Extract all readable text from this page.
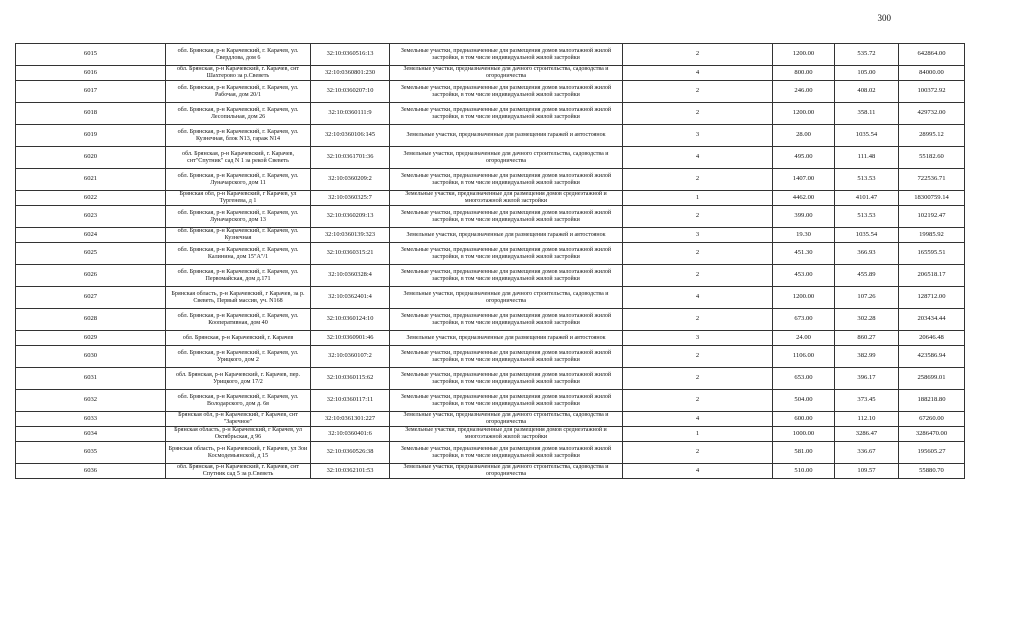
300
6015	обл. Брянская, р-н Карачевский, г. Карачев, ул. Свердлова, дом 6	32:10:0360516:13	Земельные участки, предназначенные для размещения домов малоэтажной жилой застройки, в том числе индивидуальной жилой застройки	2	1200.00	535.72	642864.00
6016	обл. Брянская, р-н Карачевский, г. Карачев, снт Шахтерово за р.Свеветь	32:10:0360801:230	Земельные участки, предназначенные для дачного строительства, садоводства и огородничества	4	800.00	105.00	84000.00
6017	обл. Брянская, р-н Карачевский, г. Карачев, ул. Рабочая, дом 20/1	32:10:0360207:10	Земельные участки, предназначенные для размещения домов малоэтажной жилой застройки, в том числе индивидуальной жилой застройки	2	246.00	408.02	100372.92
6018	обл. Брянская, р-н Карачевский, г. Карачев, ул. Лесопильная, дом 26	32:10:0360111:9	Земельные участки, предназначенные для размещения домов малоэтажной жилой застройки, в том числе индивидуальной жилой застройки	2	1200.00	358.11	429732.00
6019	обл. Брянская, р-н Карачевский, г. Карачев, ул. Кузнечная, блок N13, гараж N14	32:10:0360106:145	Земельные участки, предназначенные для размещения гаражей и автостоянок	3	28.00	1035.54	28995.12
6020	обл. Брянская, р-н Карачевский, г. Карачев, снт"Спутник" сад N 1 за рекой Свеветь	32:10:0361701:36	Земельные участки, предназначенные для дачного строительства, садоводства и огородничества	4	495.00	111.48	55182.60
6021	обл. Брянская, р-н Карачевский, г. Карачев, ул. Луначарского, дом 11	32:10:0360209:2	Земельные участки, предназначенные для размещения домов малоэтажной жилой застройки, в том числе индивидуальной жилой застройки	2	1407.00	513.53	722536.71
6022	Брянская обл, р-н Карачевский, г Карачев, ул Тургенева, д 1	32:10:0360325:7	Земельные участки, предназначенные для размещения домов среднеэтажной и многоэтажной жилой застройки	1	4462.00	4101.47	18300759.14
6023	обл. Брянская, р-н Карачевский, г. Карачев, ул. Луначарского, дом 13	32:10:0360209:13	Земельные участки, предназначенные для размещения домов малоэтажной жилой застройки, в том числе индивидуальной жилой застройки	2	399.00	513.53	102192.47
6024	обл. Брянская, р-н Карачевский, г. Карачев, ул. Кузнечная	32:10:0360139:323	Земельные участки, предназначенные для размещения гаражей и автостоянок	3	19.30	1035.54	19985.92
6025	обл. Брянская, р-н Карачевский, г. Карачев, ул. Калинина, дом 15"А"/1	32:10:0360315:21	Земельные участки, предназначенные для размещения домов малоэтажной жилой застройки, в том числе индивидуальной жилой застройки	2	451.30	366.93	165595.51
6026	обл. Брянская, р-н Карачевский, г. Карачев, ул. Первомайская, дом д.171	32:10:0360328:4	Земельные участки, предназначенные для размещения домов малоэтажной жилой застройки, в том числе индивидуальной жилой застройки	2	453.00	455.89	206518.17
6027	Брянская область, р-н Карачевский, г Карачев, за р. Свеветь, Первый массив, уч. N168	32:10:0362401:4	Земельные участки, предназначенные для дачного строительства, садоводства и огородничества	4	1200.00	107.26	128712.00
6028	обл. Брянская, р-н Карачевский, г. Карачев, ул. Кооперативная, дом 40	32:10:0360124:10	Земельные участки, предназначенные для размещения домов малоэтажной жилой застройки, в том числе индивидуальной жилой застройки	2	673.00	302.28	203434.44
6029	обл. Брянская, р-н Карачевский, г. Карачев	32:10:0360901:46	Земельные участки, предназначенные для размещения гаражей и автостоянок	3	24.00	860.27	20646.48
6030	обл. Брянская, р-н Карачевский, г. Карачев, ул. Урицкого, дом 2	32:10:0360107:2	Земельные участки, предназначенные для размещения домов малоэтажной жилой застройки, в том числе индивидуальной жилой застройки	2	1106.00	382.99	423586.94
6031	обл. Брянская, р-н Карачевский, г. Карачев, пер. Урицкого, дом 17/2	32:10:0360115:62	Земельные участки, предназначенные для размещения домов малоэтажной жилой застройки, в том числе индивидуальной жилой застройки	2	653.00	396.17	258699.01
6032	обл. Брянская, р-н Карачевский, г. Карачев, ул. Володарского, дом д. 6в	32:10:0360117:11	Земельные участки, предназначенные для размещения домов малоэтажной жилой застройки, в том числе индивидуальной жилой застройки	2	504.00	373.45	188218.80
6033	Брянская обл, р-н Карачевский, г Карачев, снт "Заречное"	32:10:0361301:227	Земельные участки, предназначенные для дачного строительства, садоводства и огородничества	4	600.00	112.10	67260.00
6034	Брянская область, р-н Карачевский, г Карачев, ул Октябрьская, д 96	32:10:0360401:6	Земельные участки, предназначенные для размещения домов среднеэтажной и многоэтажной жилой застройки	1	1000.00	3286.47	3286470.00
6035	Брянская область, р-н Карачевский, г Карачев, ул Зои Космодемьянской, д 15	32:10:0360526:38	Земельные участки, предназначенные для размещения домов малоэтажной жилой застройки, в том числе индивидуальной жилой застройки	2	581.00	336.67	195605.27
6036	обл. Брянская, р-н Карачевский, г. Карачев, снт Спутник сад 5 за р.Свеветь	32:10:0362101:53	Земельные участки, предназначенные для дачного строительства, садоводства и огородничества	4	510.00	109.57	55880.70
